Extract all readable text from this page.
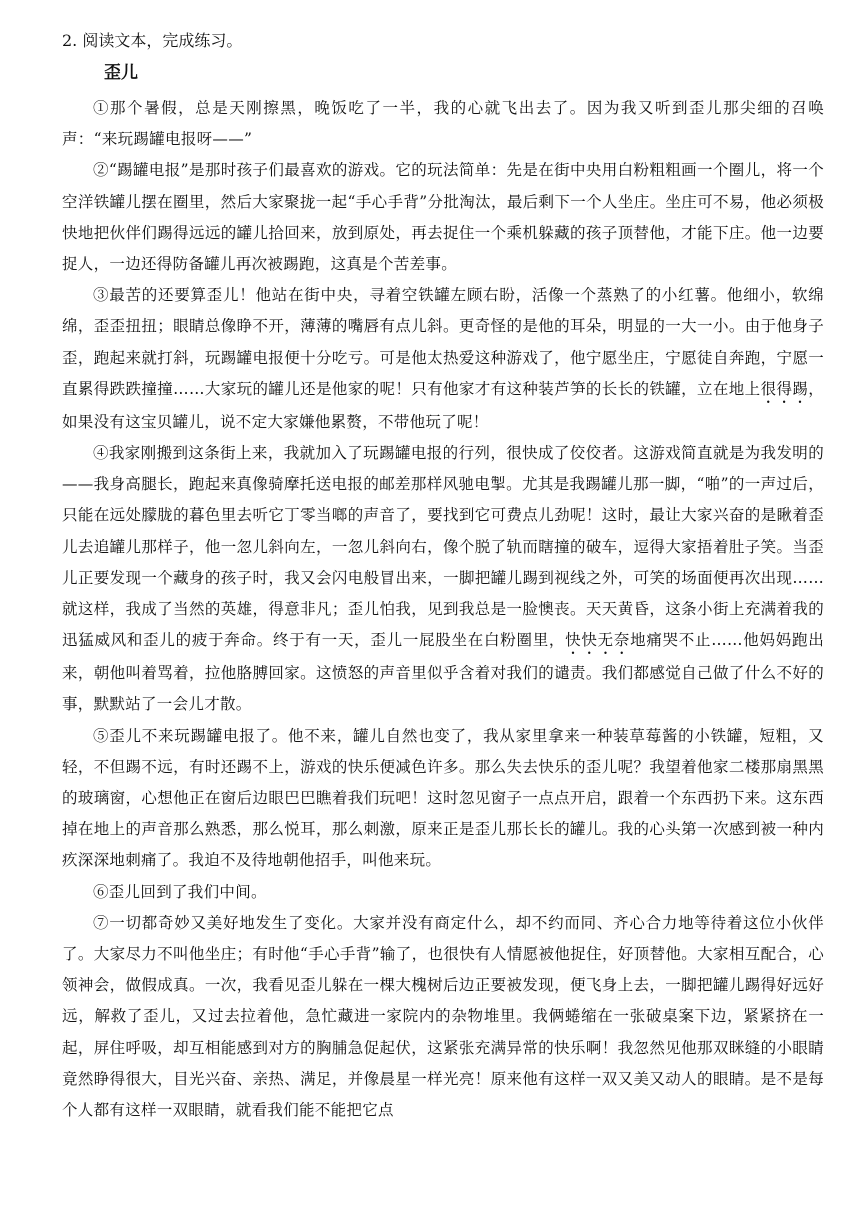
2. 阅读文本，完成练习。
歪儿

①那个暑假，总是天刚擦黑，晚饭吃了一半，我的心就飞出去了。因为我又听到歪儿那尖细的召唤声：“来玩踢罐电报呀——”

②“踢罐电报”是那时孩子们最喜欢的游戏。它的玩法简单：先是在街中央用白粉粗粗画一个圈儿，将一个空洋铁罐儿摆在圈里，然后大家聚拢一起“手心手背”分批淘汰，最后剩下一个人坐庄。坐庄可不易，他必须极快地把伙伴们踢得远远的罐儿拾回来，放到原处，再去捉住一个乘机躲藏的孩子顶替他，才能下庄。他一边要捉人，一边还得防备罐儿再次被踢跑，这真是个苦差事。

③最苦的还要算歪儿！他站在街中央，寻着空铁罐左顾右盼，活像一个蒸熟了的小红薯。他细小，软绵绵，歪歪扭扭；眼睛总像睁不开，薄薄的嘴唇有点儿斜。更奇怪的是他的耳朵，明显的一大一小。由于他身子歪，跑起来就打斜，玩踢罐电报便十分吃亏。可是他太热爱这种游戏了，他宁愿坐庄，宁愿徒自奔跑，宁愿一直累得跌跌撞撞……大家玩的罐儿还是他家的呢！只有他家才有这种装芦笋的长长的铁罐，立在地上很得踢，如果没有这宝贝罐儿，说不定大家嫌他累赘，不带他玩了呢！

④我家刚搬到这条街上来，我就加入了玩踢罐电报的行列，很快成了佼佼者。这游戏简直就是为我发明的——我身高腿长，跑起来真像骑摩托送电报的邮差那样风驰电掣。尤其是我踢罐儿那一脚，“啪”的一声过后，只能在远处朦胧的暮色里去听它丁零当啷的声音了，要找到它可费点儿劲呢！这时，最让大家兴奋的是瞅着歪儿去追罐儿那样子，他一忽儿斜向左，一忽儿斜向右，像个脱了轨而瞎撞的破车，逗得大家捂着肚子笑。当歪儿正要发现一个藏身的孩子时，我又会闪电般冒出来，一脚把罐儿踢到视线之外，可笑的场面便再次出现……就这样，我成了当然的英雄，得意非凡；歪儿怕我，见到我总是一脸懊丧。天天黄昏，这条小街上充满着我的迅猛威风和歪儿的疲于奔命。终于有一天，歪儿一屁股坐在白粉圈里，快快无奈地痛哭不止……他妈妈跑出来，朝他叫着骂着，拉他胳膊回家。这愤怒的声音里似乎含着对我们的谴责。我们都感觉自己做了什么不好的事，默默站了一会儿才散。

⑤歪儿不来玩踢罐电报了。他不来，罐儿自然也变了，我从家里拿来一种装草莓酱的小铁罐，短粗，又轻，不但踢不远，有时还踢不上，游戏的快乐便减色许多。那么失去快乐的歪儿呢？我望着他家二楼那扇黑黑的玻璃窗，心想他正在窗后边眼巴巴瞧着我们玩吧！这时忽见窗子一点点开启，跟着一个东西扔下来。这东西掉在地上的声音那么熟悉，那么悦耳，那么刺激，原来正是歪儿那长长的罐儿。我的心头第一次感到被一种内疚深深地刺痛了。我迫不及待地朝他招手，叫他来玩。

⑥歪儿回到了我们中间。

⑦一切都奇妙又美好地发生了变化。大家并没有商定什么，却不约而同、齐心合力地等待着这位小伙伴了。大家尽力不叫他坐庄；有时他“手心手背”输了，也很快有人情愿被他捉住，好顶替他。大家相互配合，心领神会，做假成真。一次，我看见歪儿躲在一棵大槐树后边正要被发现，便飞身上去，一脚把罐儿踢得好远好远，解救了歪儿，又过去拉着他，急忙藏进一家院内的杂物堆里。我俩蜷缩在一张破桌案下边，紧紧挤在一起，屏住呼吸，却互相能感到对方的胸脯急促起伏，这紧张充满异常的快乐啊！我忽然见他那双眯缝的小眼睛竟然睁得很大，目光兴奋、亲热、满足，并像晨星一样光亮！原来他有这样一双又美又动人的眼睛。是不是每个人都有这样一双眼睛，就看我们能不能把它点
